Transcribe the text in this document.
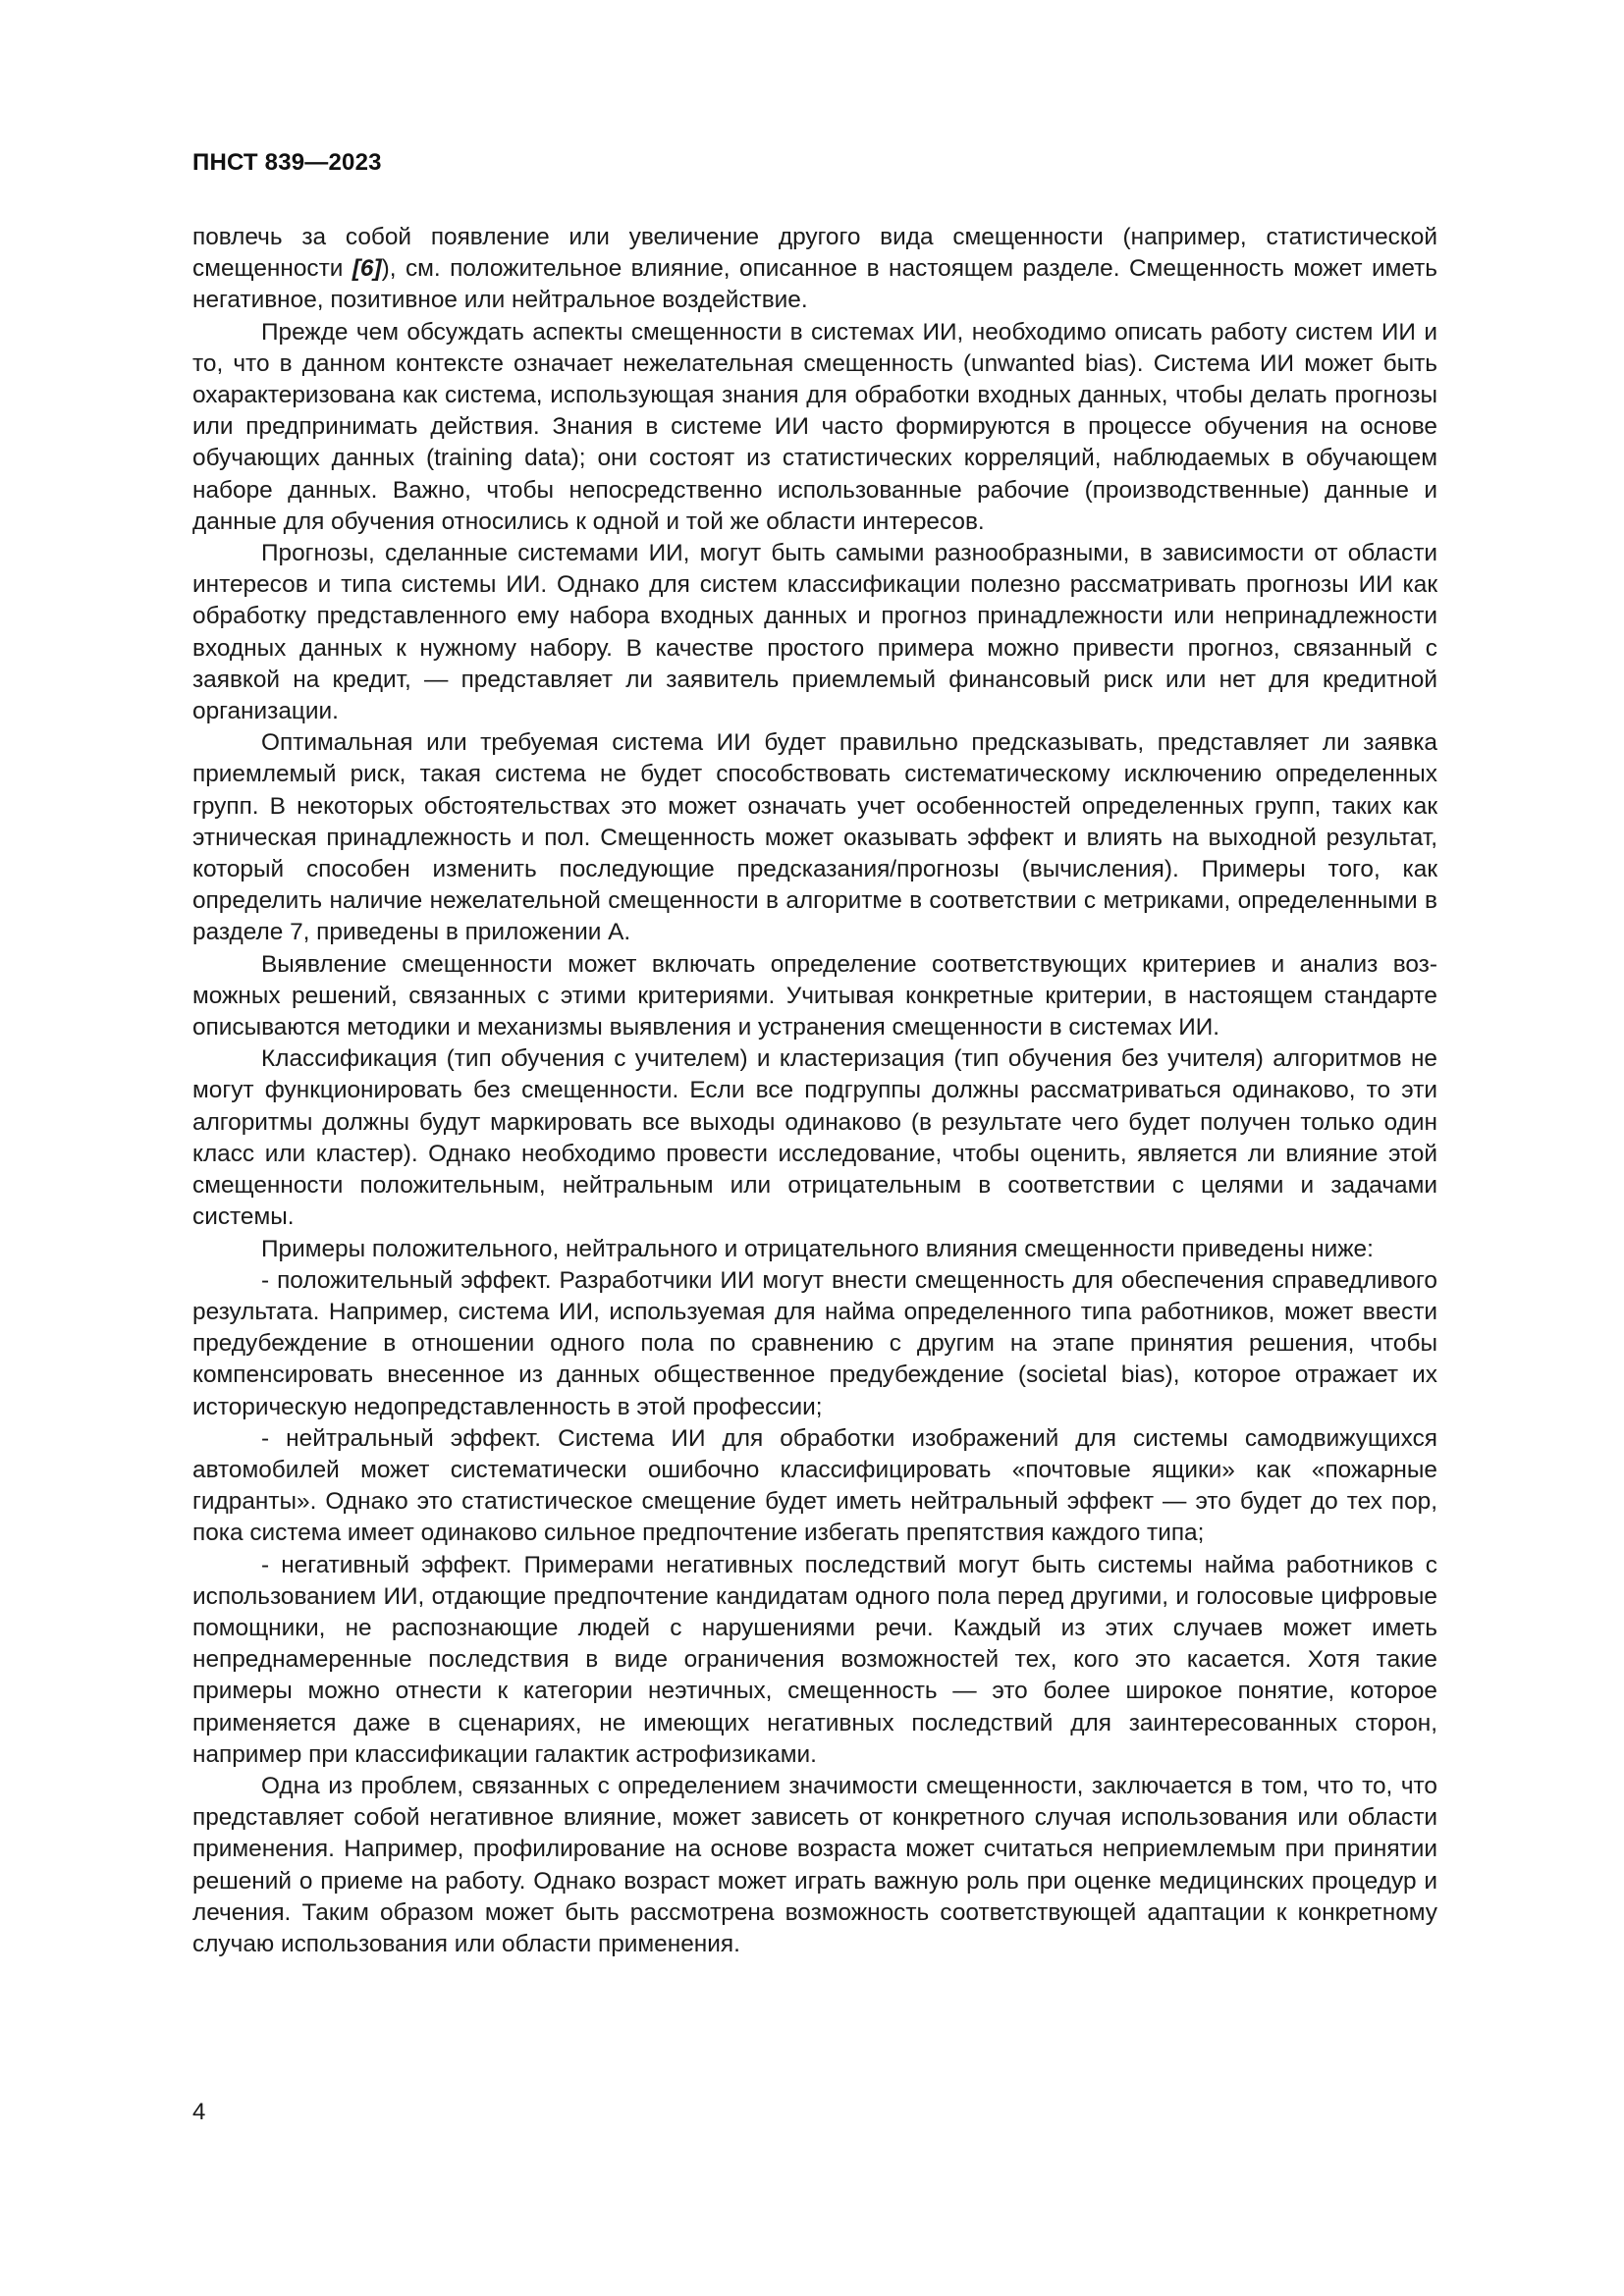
ПНСТ 839—2023

повлечь за собой появление или увеличение другого вида смещенности (например, статистической смещенности [6]), см. положительное влияние, описанное в настоящем разделе. Смещенность может иметь негативное, позитивное или нейтральное воздействие.

Прежде чем обсуждать аспекты смещенности в системах ИИ, необходимо описать работу систем ИИ и то, что в данном контексте означает нежелательная смещенность (unwanted bias). Система ИИ может быть охарактеризована как система, использующая знания для обработки входных данных, чтобы делать прогнозы или предпринимать действия. Знания в системе ИИ часто формируются в процессе обучения на основе обучающих данных (training data); они состоят из статистических корреляций, наблюдаемых в обучающем наборе данных. Важно, чтобы непосредственно использованные рабочие (производственные) данные и данные для обучения относились к одной и той же области интересов.

Прогнозы, сделанные системами ИИ, могут быть самыми разнообразными, в зависимости от области интересов и типа системы ИИ. Однако для систем классификации полезно рассматривать прогнозы ИИ как обработку представленного ему набора входных данных и прогноз принадлежности или непринадлежности входных данных к нужному набору. В качестве простого примера можно привести прогноз, связанный с заявкой на кредит, — представляет ли заявитель приемлемый финансовый риск или нет для кредитной организации.

Оптимальная или требуемая система ИИ будет правильно предсказывать, представляет ли заявка приемлемый риск, такая система не будет способствовать систематическому исключению определенных групп. В некоторых обстоятельствах это может означать учет особенностей определенных групп, таких как этническая принадлежность и пол. Смещенность может оказывать эффект и влиять на выходной результат, который способен изменить последующие предсказания/прогнозы (вычисления). Примеры того, как определить наличие нежелательной смещенности в алгоритме в соответствии с метриками, определенными в разделе 7, приведены в приложении А.

Выявление смещенности может включать определение соответствующих критериев и анализ возможных решений, связанных с этими критериями. Учитывая конкретные критерии, в настоящем стандарте описываются методики и механизмы выявления и устранения смещенности в системах ИИ.

Классификация (тип обучения с учителем) и кластеризация (тип обучения без учителя) алгоритмов не могут функционировать без смещенности. Если все подгруппы должны рассматриваться одинаково, то эти алгоритмы должны будут маркировать все выходы одинаково (в результате чего будет получен только один класс или кластер). Однако необходимо провести исследование, чтобы оценить, является ли влияние этой смещенности положительным, нейтральным или отрицательным в соответствии с целями и задачами системы.

Примеры положительного, нейтрального и отрицательного влияния смещенности приведены ниже:

- положительный эффект. Разработчики ИИ могут внести смещенность для обеспечения справедливого результата. Например, система ИИ, используемая для найма определенного типа работников, может ввести предубеждение в отношении одного пола по сравнению с другим на этапе принятия решения, чтобы компенсировать внесенное из данных общественное предубеждение (societal bias), которое отражает их историческую недопредставленность в этой профессии;

- нейтральный эффект. Система ИИ для обработки изображений для системы самодвижущихся автомобилей может систематически ошибочно классифицировать «почтовые ящики» как «пожарные гидранты». Однако это статистическое смещение будет иметь нейтральный эффект — это будет до тех пор, пока система имеет одинаково сильное предпочтение избегать препятствия каждого типа;

- негативный эффект. Примерами негативных последствий могут быть системы найма работников с использованием ИИ, отдающие предпочтение кандидатам одного пола перед другими, и голосовые цифровые помощники, не распознающие людей с нарушениями речи. Каждый из этих случаев может иметь непреднамеренные последствия в виде ограничения возможностей тех, кого это касается. Хотя такие примеры можно отнести к категории неэтичных, смещенность — это более широкое понятие, которое применяется даже в сценариях, не имеющих негативных последствий для заинтересованных сторон, например при классификации галактик астрофизиками.

Одна из проблем, связанных с определением значимости смещенности, заключается в том, что то, что представляет собой негативное влияние, может зависеть от конкретного случая использования или области применения. Например, профилирование на основе возраста может считаться неприемлемым при принятии решений о приеме на работу. Однако возраст может играть важную роль при оценке медицинских процедур и лечения. Таким образом может быть рассмотрена возможность соответствующей адаптации к конкретному случаю использования или области применения.

4
